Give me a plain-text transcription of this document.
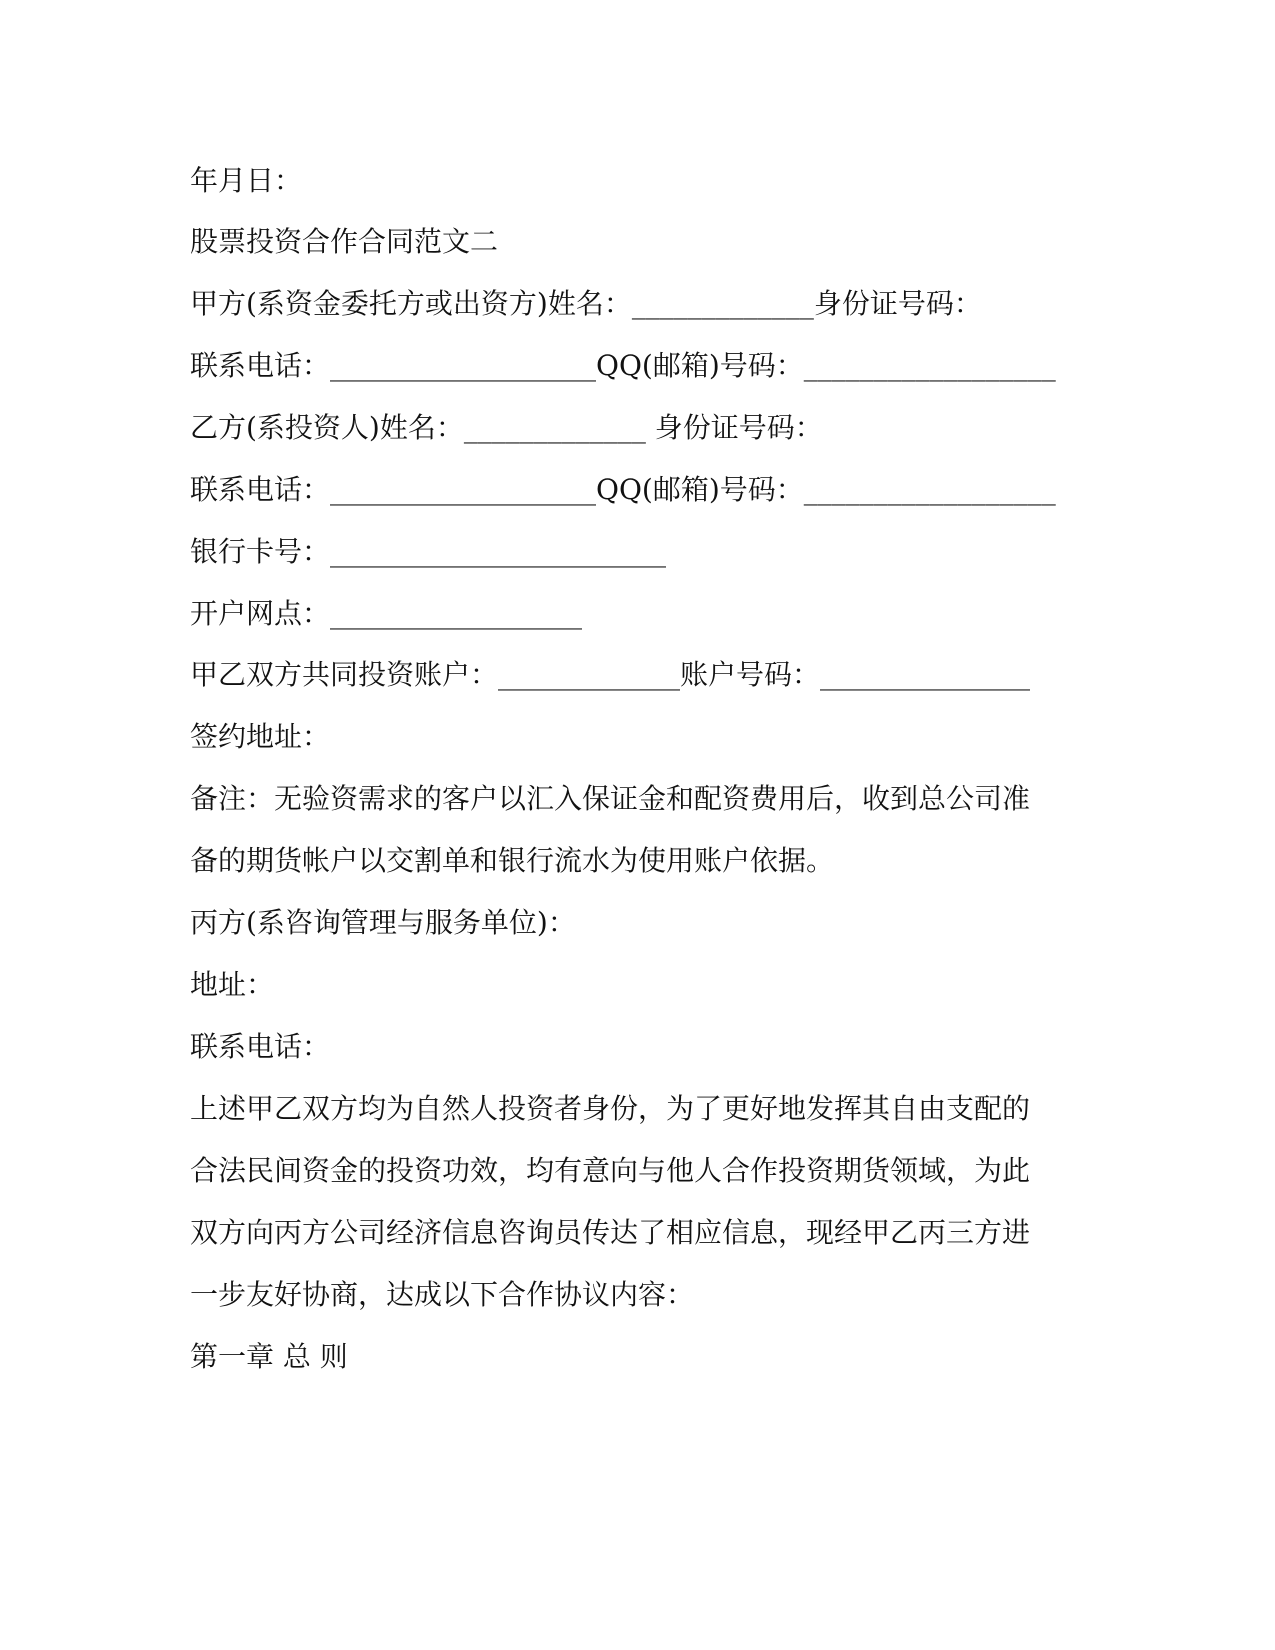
年月日：
股票投资合作合同范文二
甲方(系资金委托方或出资方)姓名：_____________身份证号码：
联系电话：___________________QQ(邮箱)号码：__________________
乙方(系投资人)姓名：_____________ 身份证号码：
联系电话：___________________QQ(邮箱)号码：__________________
银行卡号：________________________
开户网点：__________________
甲乙双方共同投资账户：_____________账户号码：_______________
签约地址：
备注：无验资需求的客户以汇入保证金和配资费用后，收到总公司准
备的期货帐户以交割单和银行流水为使用账户依据。
丙方(系咨询管理与服务单位)：
地址：
联系电话：
上述甲乙双方均为自然人投资者身份，为了更好地发挥其自由支配的
合法民间资金的投资功效，均有意向与他人合作投资期货领域，为此
双方向丙方公司经济信息咨询员传达了相应信息，现经甲乙丙三方进
一步友好协商，达成以下合作协议内容：
第一章 总 则
